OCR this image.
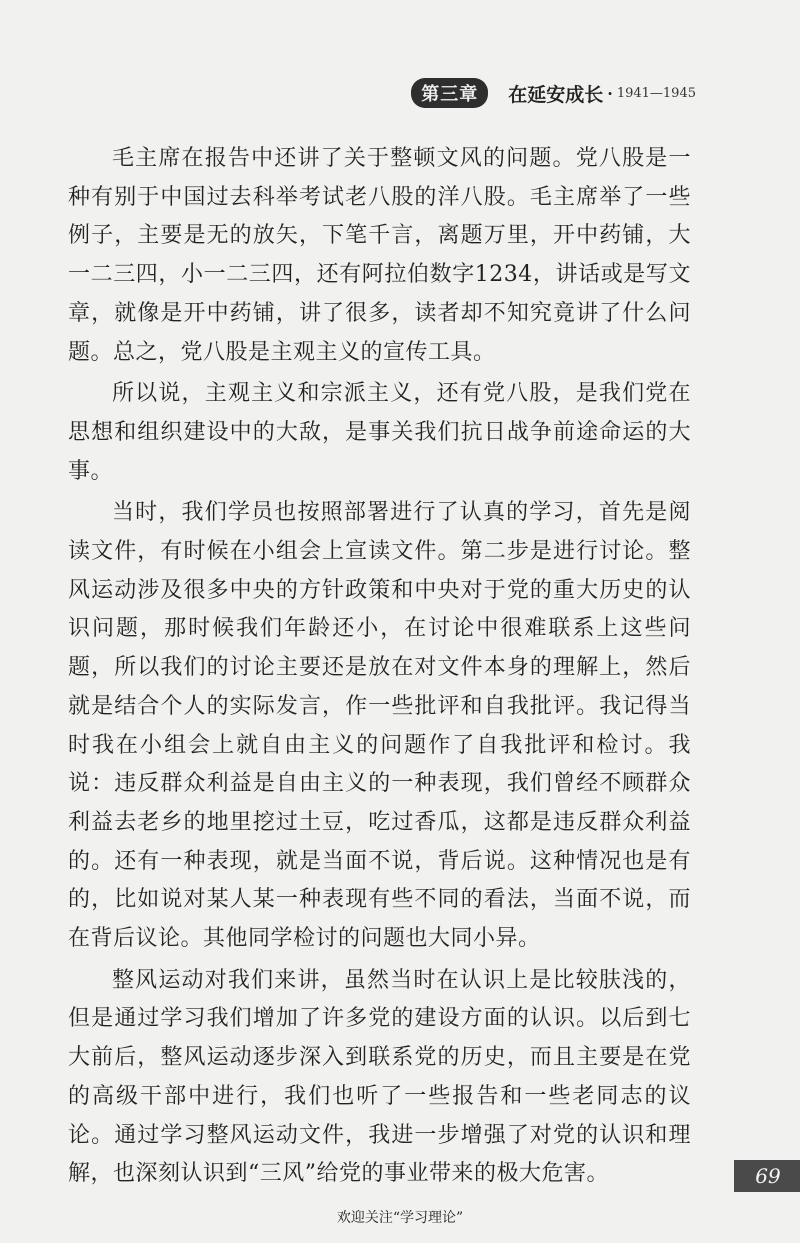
第三章	在延安成长 · 1941—1945

毛主席在报告中还讲了关于整顿文风的问题。党八股是一种有别于中国过去科举考试老八股的洋八股。毛主席举了一些例子，主要是无的放矢，下笔千言，离题万里，开中药铺，大一二三四，小一二三四，还有阿拉伯数字1234，讲话或是写文章，就像是开中药铺，讲了很多，读者却不知究竟讲了什么问题。总之，党八股是主观主义的宣传工具。

所以说，主观主义和宗派主义，还有党八股，是我们党在思想和组织建设中的大敌，是事关我们抗日战争前途命运的大事。

当时，我们学员也按照部署进行了认真的学习，首先是阅读文件，有时候在小组会上宣读文件。第二步是进行讨论。整风运动涉及很多中央的方针政策和中央对于党的重大历史的认识问题，那时候我们年龄还小，在讨论中很难联系上这些问题，所以我们的讨论主要还是放在对文件本身的理解上，然后就是结合个人的实际发言，作一些批评和自我批评。我记得当时我在小组会上就自由主义的问题作了自我批评和检讨。我说：违反群众利益是自由主义的一种表现，我们曾经不顾群众利益去老乡的地里挖过土豆，吃过香瓜，这都是违反群众利益的。还有一种表现，就是当面不说，背后说。这种情况也是有的，比如说对某人某一种表现有些不同的看法，当面不说，而在背后议论。其他同学检讨的问题也大同小异。

整风运动对我们来讲，虽然当时在认识上是比较肤浅的，但是通过学习我们增加了许多党的建设方面的认识。以后到七大前后，整风运动逐步深入到联系党的历史，而且主要是在党的高级干部中进行，我们也听了一些报告和一些老同志的议论。通过学习整风运动文件，我进一步增强了对党的认识和理解，也深刻认识到“三风”给党的事业带来的极大危害。	69
欢迎关注“学习理论”
